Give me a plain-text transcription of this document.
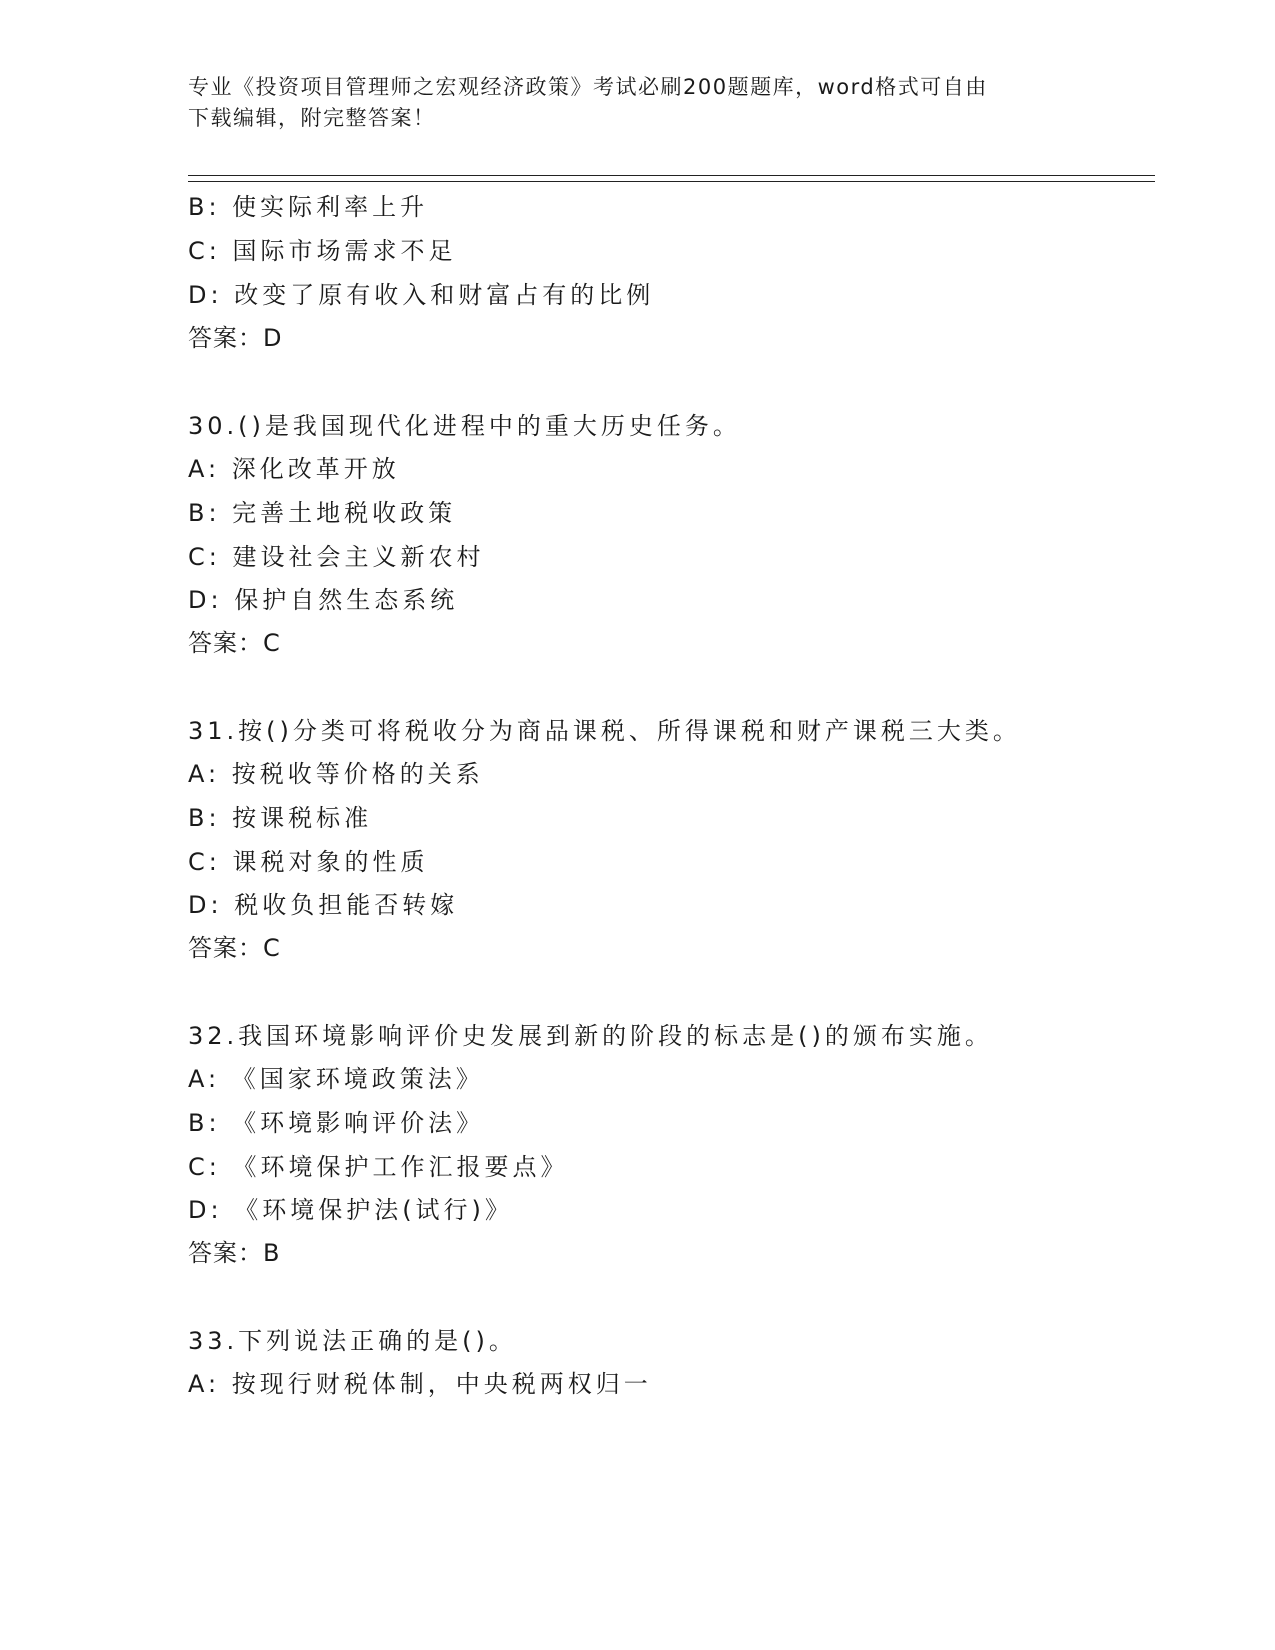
专业《投资项目管理师之宏观经济政策》考试必刷200题题库，word格式可自由
下载编辑，附完整答案！
B: 使实际利率上升
C: 国际市场需求不足
D: 改变了原有收入和财富占有的比例
答案：D
30.()是我国现代化进程中的重大历史任务。
A: 深化改革开放
B: 完善土地税收政策
C: 建设社会主义新农村
D: 保护自然生态系统
答案：C
31.按()分类可将税收分为商品课税、所得课税和财产课税三大类。
A: 按税收等价格的关系
B: 按课税标准
C: 课税对象的性质
D: 税收负担能否转嫁
答案：C
32.我国环境影响评价史发展到新的阶段的标志是()的颁布实施。
A: 《国家环境政策法》
B: 《环境影响评价法》
C: 《环境保护工作汇报要点》
D: 《环境保护法(试行)》
答案：B
33.下列说法正确的是()。
A: 按现行财税体制，中央税两权归一
